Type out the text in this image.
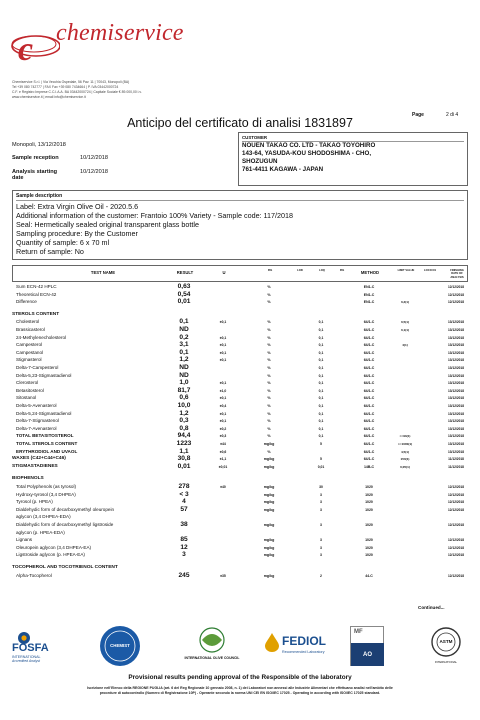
c chemiservice
Chemiservice S.r.l. | Via Vecchia Ospedale, 56 Pav. 11 | 70043, Monopoli (BA)
Tel +39 080 742777 | FAX Fax +39 080 7434664 | P. IVA 03442000724
C.F. e Registro Imprese C.C.I.A.A. BA 03442000724 | Capitale Sociale € 89.000,00 i.v.
www.chemiservice.it | email info@chemiservice.it
Page	2 di 4
Anticipo del certificato di analisi 1831897
Monopoli, 13/12/2018
Sample reception	10/12/2018
Analysis starting
date10/12/2018
CUSTOMER
NOUEN TAKAO CO. LTD - TAKAO TOYOHIRO
143-64, YASUDA-KOU SHODOSHIMA - CHO,
SHOZUGUN
761-4411 KAGAWA - JAPAN
Sample description
Label: Extra Virgin Olive Oil - 2020.5.6
Additional information of the customer: Frantoio 100% Variety - Sample code: 117/2018
Seal: Hermetically sealed original transparent glass bottle
Sampling procedure: By the Customer
Quantity of sample: 6 x 70 ml
Return of sample: No
TEST NAME	RESULT	U	R%	LOD	LOQ	R%	METHOD	LIMIT VALUE	LOCO N1	FINISHING
DATE OF
ANALYSIS
Sum ECN-42 HPLC	0,63	%	EN1-C	12/12/2018
Theoretical ECN-42	0,54	%	EN1-C	12/12/2018
Difference	0,01	%	EN1-C	0,2(1)	12/12/2018
STEROLS CONTENT
Cholesterol	0,1	±0,1	%	0,1	64/1-C	0,5(1)	13/12/2018
Brassicasterol	ND	%	0,1	64/1-C	0,1(1)	13/12/2018
24-Methylenecholesterol	0,2	±0,1	%	0,1	64/1-C	13/12/2018
Campesterol	3,1	±0,1	%	0,1	64/1-C	4(1)	13/12/2018
Campestanol	0,1	±0,1	%	0,1	64/1-C	13/12/2018
Stigmasterol	1,2	±0,1	%	0,1	64/1-C	13/12/2018
Delta-7-Campesterol	ND	%	0,1	64/1-C	13/12/2018
Delta-5,23-Stigmastadienol	ND	%	0,1	64/1-C	13/12/2018
Clerosterol	1,0	±0,1	%	0,1	64/1-C	13/12/2018
Betasitosterol	81,7	±1,0	%	0,1	64/1-C	13/12/2018
Sitostanol	0,6	±0,1	%	0,1	64/1-C	13/12/2018
Delta-5-Avenasterol	10,0	±0,4	%	0,1	64/1-C	13/12/2018
Delta-5,24-Stigmastadienol	1,2	±0,1	%	0,1	64/1-C	13/12/2018
Delta-7-Stigmastenol	0,3	±0,1	%	0,1	64/1-C	13/12/2018
Delta-7-Avenasterol	0,8	±0,2	%	0,1	64/1-C	13/12/2018
TOTAL BETASITOSTEROL	94,4	±0,3	%	0,1	64/1-C	>=93(1)	13/12/2018
TOTAL STEROLS CONTENT	1223	±44	mg/kg	5	64/1-C	>=1000(1)	13/12/2018
ERYTHRODIOL AND UVAOL	1,1	±0,6	%	64/1-C	4,5(1)	13/12/2018
WAXES (C42+C44+C46)	30,8	±1,1	mg/kg	5	64/1-C	150(1)	11/12/2018
STIGMASTADIENES	0,01	±0,01	mg/kg	0,01	14B-C	0,05(1)	11/12/2018
BIOPHENOLS
Total Polyphenols (as tyrosol)	278	±40	mg/kg	30	1020	12/12/2018
Hydroxy-tyrosol (3,4 DHPEA)	< 3	mg/kg	3	1020	12/12/2018
Tyrosol (p. HPEA)	4	mg/kg	3	1020	12/12/2018
Dialdehydic form of decarboxymethyl oleuropein	57	mg/kg	3	1020	12/12/2018
aglycon (3,4 DHPEA-EDA)
Dialdehydic form of decarboxymethyl ligstroside	38	mg/kg	3	1020	12/12/2018
aglycon (p. HPEA-EDA)
Lignans	85	mg/kg	3	1020	12/12/2018
Oleuropein aglycon (3,4 DHPEA-EA)	12	mg/kg	3	1020	12/12/2018
Ligstroside aglycon (p. HPEA-EA)	3	mg/kg	3	1020	12/12/2018
TOCOPHEROL AND TOCOTRIENOL CONTENT
Alpha-Tocopherol	245	±35	mg/kg	2	44-C	12/12/2018
Continued...
FOSFA
INTERNATIONAL
Accredited Analyst
CHEMIST
INTERNATIONAL OLIVE COUNCIL
FEDIOL
Recommended Laboratory
MF
AO
ASTM
INTERNATIONAL
Provisional results pending approval of the Responsible of the laboratory
Iscrizione nell'Elenco della REGIONE PUGLIA (art. 6 del Reg Regionale 10 gennaio 2008, n. 1) dei Laboratori non annessi alle Industrie Alimentari che effettuano analisi nell'ambito delle
procedure di autocontrollo (Numero di Registrazione 10P) - Operante secondo la norma UNI CEI EN ISO/IEC 17025 - Operating in according with ISO/IEC 17025 standard.
